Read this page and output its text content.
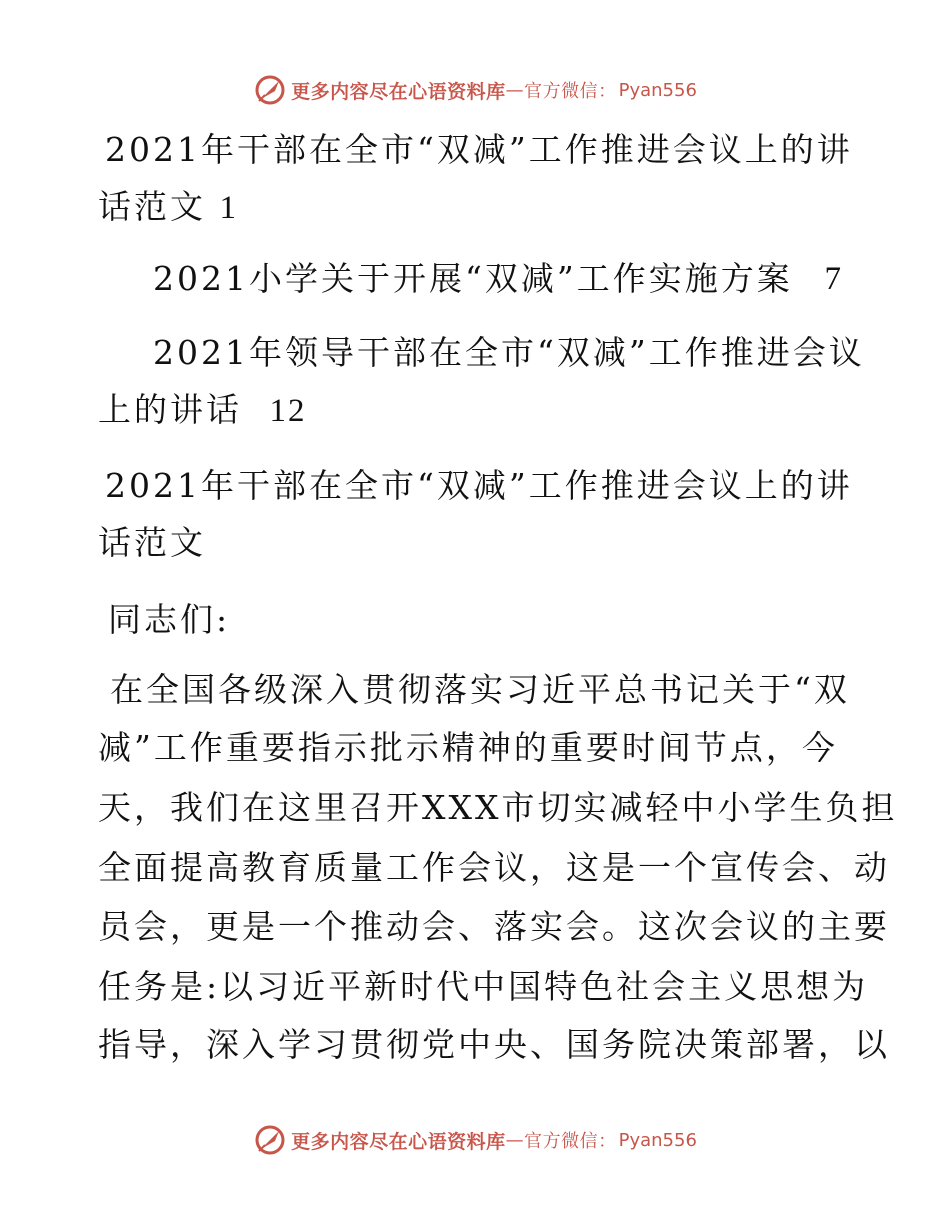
更多内容尽在心语资料库 — 官方微信 ： Pyan556
2021年干部在全市“双减”工作推进会议上的讲
话范文 1
2021小学关于开展“双减”工作实施方案 7
2021年领导干部在全市“双减”工作推进会议
上的讲话 12
2021年干部在全市“双减”工作推进会议上的讲
话范文
同志们:
在全国各级深入贯彻落实习近平总书记关于“双
减”工作重要指示批示精神的重要时间节点，今
天，我们在这里召开XXX市切实减轻中小学生负担
全面提高教育质量工作会议，这是一个宣传会、动
员会，更是一个推动会、落实会。这次会议的主要
任务是:以习近平新时代中国特色社会主义思想为
指导，深入学习贯彻党中央、国务院决策部署，以
更多内容尽在心语资料库 — 官方微信 ： Pyan556
